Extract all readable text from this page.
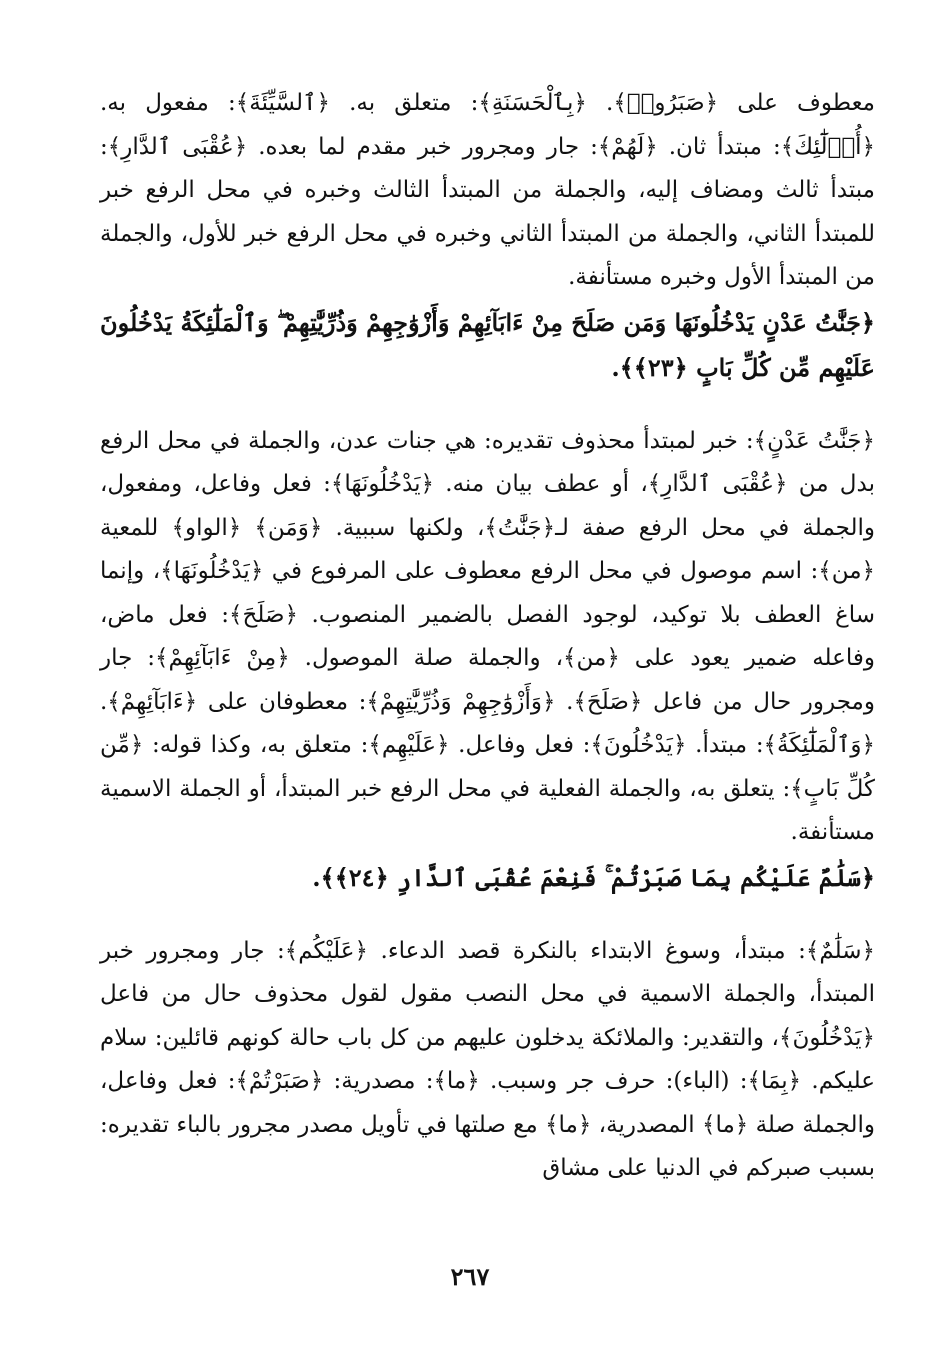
معطوف على ﴿صَبَرُوا۟﴾. ﴿بِٱلْحَسَنَةِ﴾: متعلق به. ﴿ٱلسَّيِّئَةَ﴾: مفعول به. ﴿أُو۟لَٰٓئِكَ﴾: مبتدأ ثان. ﴿لَهُمْ﴾: جار ومجرور خبر مقدم لما بعده. ﴿عُقْبَى ٱلدَّارِ﴾: مبتدأ ثالث ومضاف إليه، والجملة من المبتدأ الثالث وخبره في محل الرفع خبر للمبتدأ الثاني، والجملة من المبتدأ الثاني وخبره في محل الرفع خبر للأول، والجملة من المبتدأ الأول وخبره مستأنفة.

﴿جَنَّٰتُ عَدْنٍ يَدْخُلُونَهَا وَمَن صَلَحَ مِنْ ءَابَآئِهِمْ وَأَزْوَٰجِهِمْ وَذُرِّيَّٰتِهِمْ ۖ وَٱلْمَلَٰٓئِكَةُ يَدْخُلُونَ عَلَيْهِم مِّن كُلِّ بَابٍ ﴿٢٣﴾﴾.

﴿جَنَّٰتُ عَدْنٍ﴾: خبر لمبتدأ محذوف تقديره: هي جنات عدن، والجملة في محل الرفع بدل من ﴿عُقْبَى ٱلدَّارِ﴾، أو عطف بيان منه. ﴿يَدْخُلُونَهَا﴾: فعل وفاعل، ومفعول، والجملة في محل الرفع صفة لـ﴿جَنَّٰتُ﴾، ولكنها سببية. ﴿وَمَن﴾ ﴿الواو﴾ للمعية ﴿من﴾: اسم موصول في محل الرفع معطوف على المرفوع في ﴿يَدْخُلُونَهَا﴾، وإنما ساغ العطف بلا توكيد، لوجود الفصل بالضمير المنصوب. ﴿صَلَحَ﴾: فعل ماض، وفاعله ضمير يعود على ﴿من﴾، والجملة صلة الموصول. ﴿مِنْ ءَابَآئِهِمْ﴾: جار ومجرور حال من فاعل ﴿صَلَحَ﴾. ﴿وَأَزْوَٰجِهِمْ وَذُرِّيَّٰتِهِمْ﴾: معطوفان على ﴿ءَابَآئِهِمْ﴾. ﴿وَٱلْمَلَٰٓئِكَةُ﴾: مبتدأ. ﴿يَدْخُلُونَ﴾: فعل وفاعل. ﴿عَلَيْهِم﴾: متعلق به، وكذا قوله: ﴿مِّن كُلِّ بَابٍ﴾: يتعلق به، والجملة الفعلية في محل الرفع خبر المبتدأ، أو الجملة الاسمية مستأنفة.

﴿سَلَٰمٌ عَلَيْكُم بِمَا صَبَرْتُمْ ۚ فَنِعْمَ عُقْبَى ٱلدَّارِ ﴿٢٤﴾﴾.

﴿سَلَٰمٌ﴾: مبتدأ، وسوغ الابتداء بالنكرة قصد الدعاء. ﴿عَلَيْكُم﴾: جار ومجرور خبر المبتدأ، والجملة الاسمية في محل النصب مقول لقول محذوف حال من فاعل ﴿يَدْخُلُونَ﴾، والتقدير: والملائكة يدخلون عليهم من كل باب حالة كونهم قائلين: سلام عليكم. ﴿بِمَا﴾: (الباء): حرف جر وسبب. ﴿ما﴾: مصدرية: ﴿صَبَرْتُمْ﴾: فعل وفاعل، والجملة صلة ﴿ما﴾ المصدرية، ﴿ما﴾ مع صلتها في تأويل مصدر مجرور بالباء تقديره: بسبب صبركم في الدنيا على مشاق

٢٦٧
